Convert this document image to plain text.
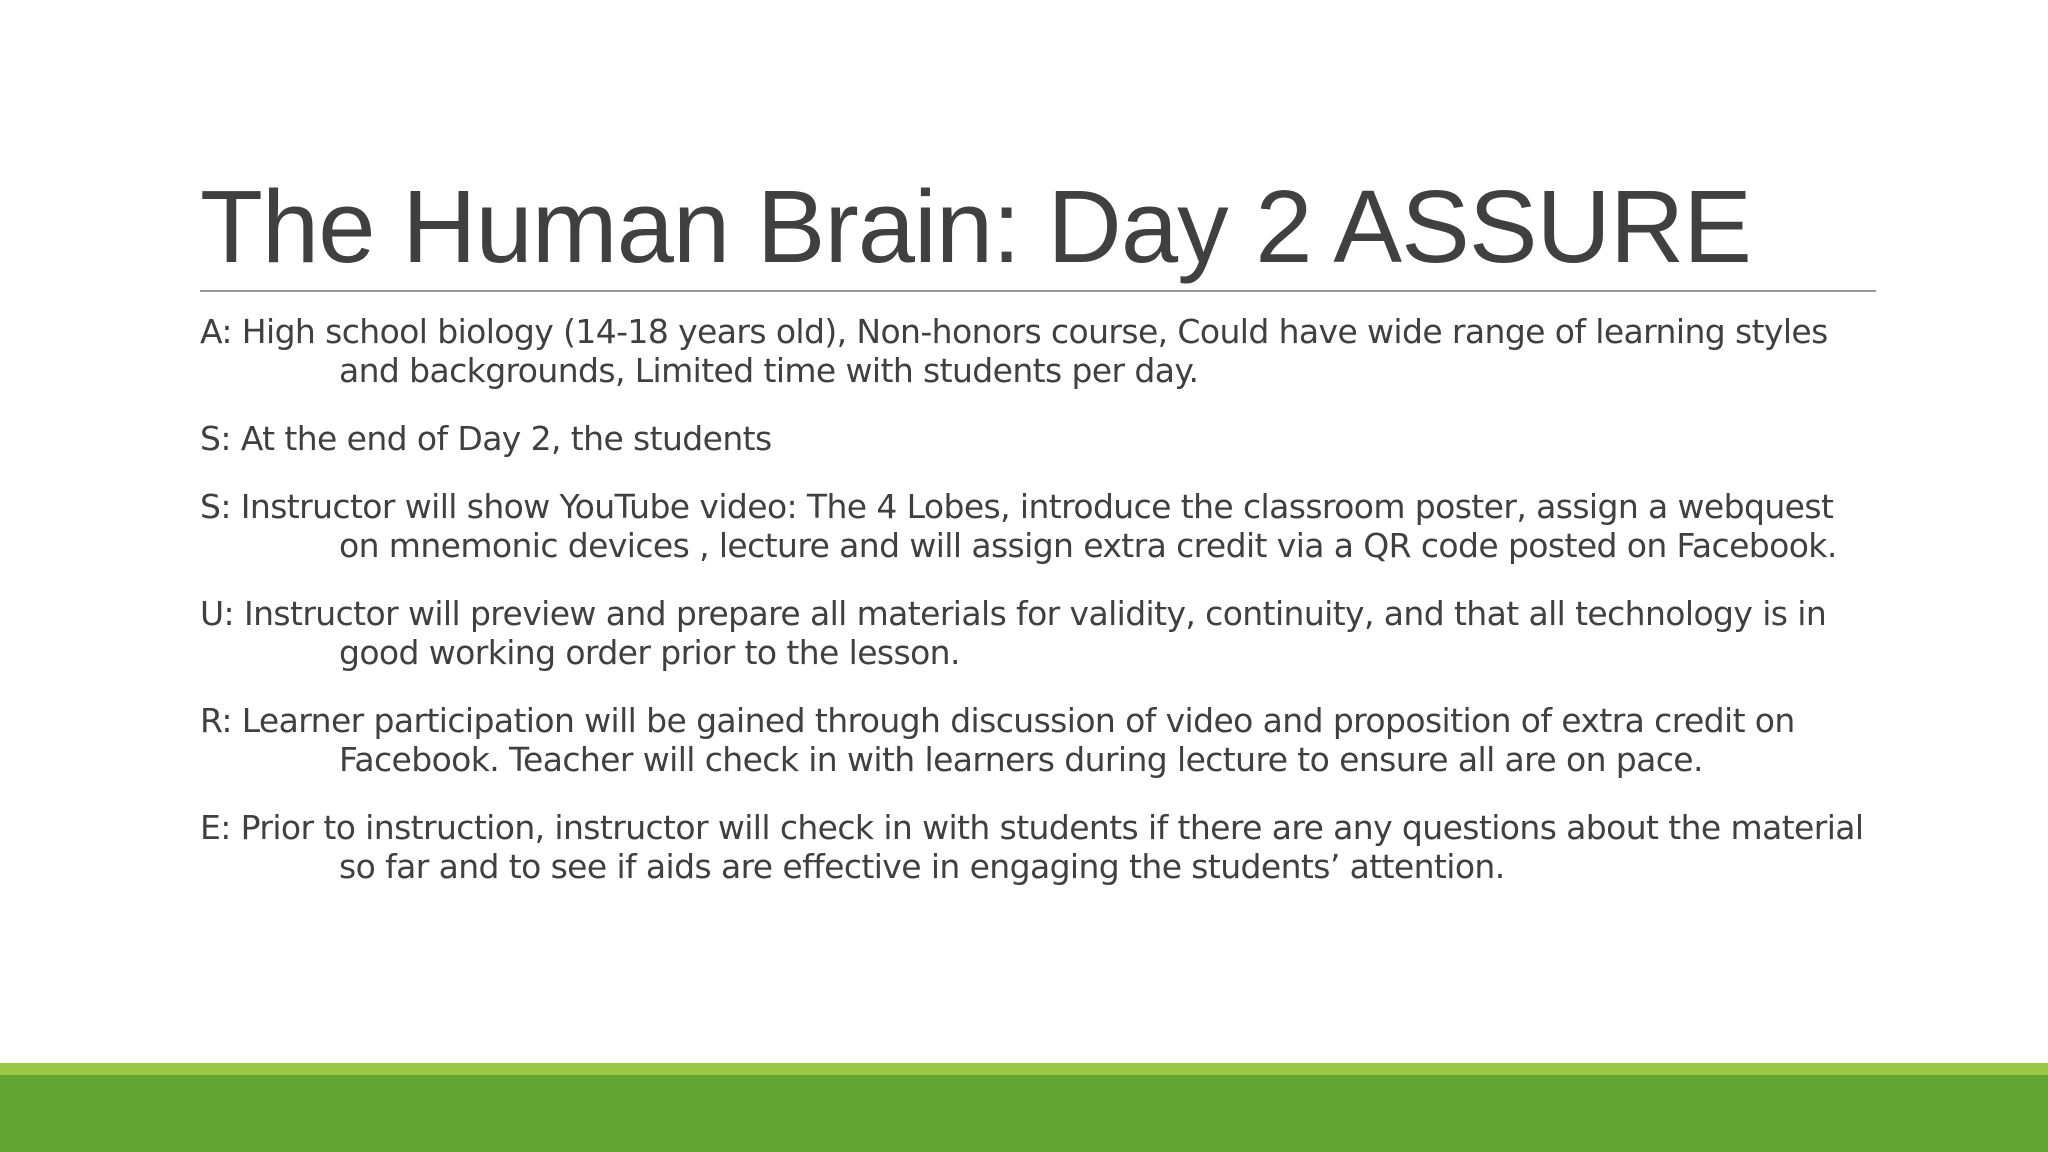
The Human Brain: Day 2 ASSURE

A: High school biology (14-18 years old), Non-honors course, Could have wide range of learning styles and backgrounds, Limited time with students per day.

S: At the end of Day 2, the students

S: Instructor will show YouTube video: The 4 Lobes, introduce the classroom poster, assign a webquest on mnemonic devices , lecture and will assign extra credit via a QR code posted on Facebook.

U: Instructor will preview and prepare all materials for validity, continuity, and that all technology is in good working order prior to the lesson.

R: Learner participation will be gained through discussion of video and proposition of extra credit on Facebook. Teacher will check in with learners during lecture to ensure all are on pace.

E: Prior to instruction, instructor will check in with students if there are any questions about the material so far and to see if aids are effective in engaging the students’ attention.
